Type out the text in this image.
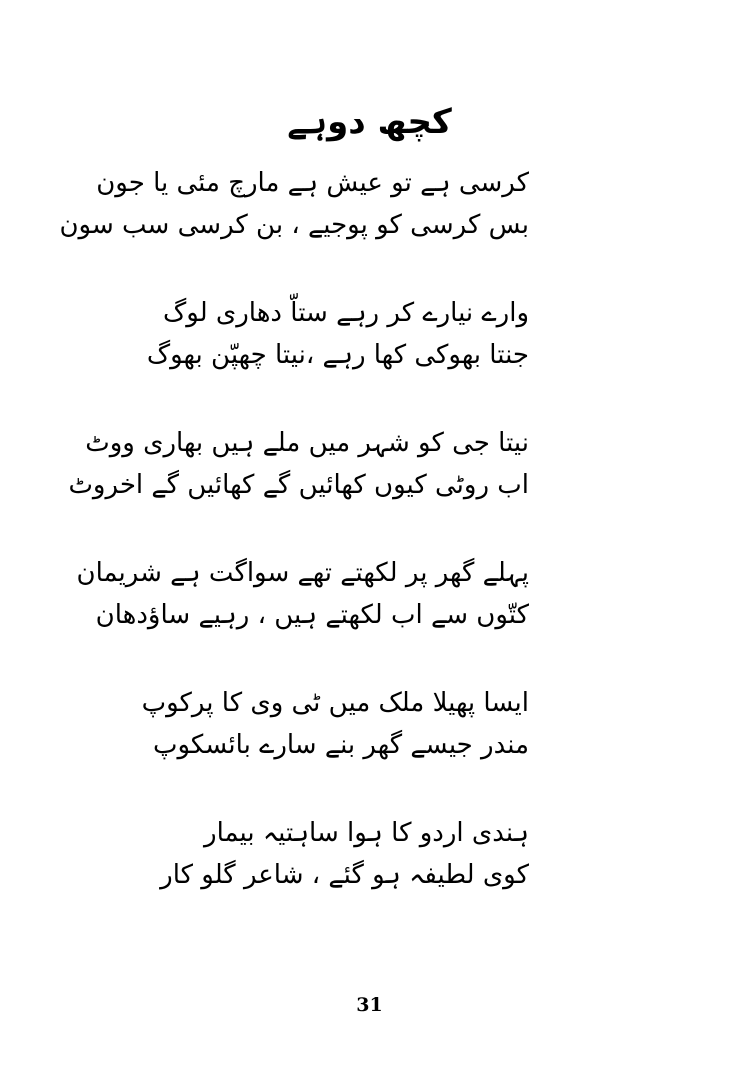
کچھ دوہے
کرسی ہے تو عیش ہے مارچ مئی یا جون
بس کرسی کو پوجیے ، بن کرسی سب سون
وارے نیارے کر رہے ستاّ دھاری لوگ
جنتا بھوکی کھا رہے ،نیتا چھپّن بھوگ
نیتا جی کو شہر میں ملے ہیں بھاری ووٹ
اب روٹی کیوں کھائیں گے کھائیں گے اخروٹ
پہلے گھر پر لکھتے تھے سواگت ہے شریمان
کتّوں سے اب لکھتے ہیں ، رہیے ساؤدھان
ایسا پھیلا ملک میں ٹی وی کا پرکوپ
مندر جیسے گھر بنے سارے بائسکوپ
ہندی اردو کا ہوا ساہتیہ بیمار
کوی لطیفہ ہو گئے ، شاعر گلو کار
31
